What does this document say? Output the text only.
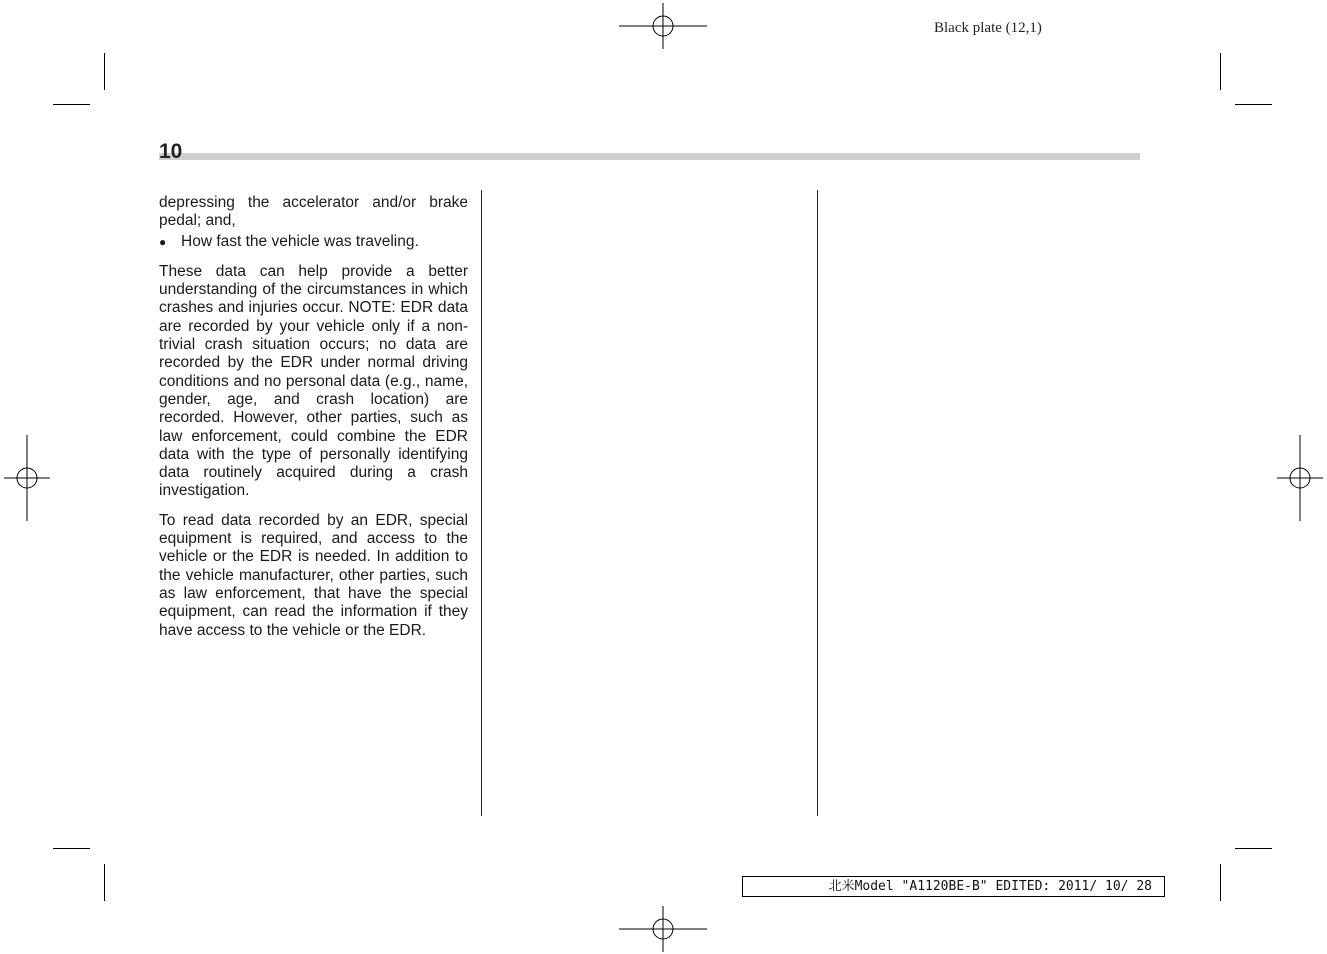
Black plate (12,1)
10

depressing the accelerator and/or brake pedal; and,

● How fast the vehicle was traveling.

These data can help provide a better understanding of the circumstances in which crashes and injuries occur. NOTE: EDR data are recorded by your vehicle only if a non-trivial crash situation occurs; no data are recorded by the EDR under normal driving conditions and no personal data (e.g., name, gender, age, and crash location) are recorded. However, other parties, such as law enforcement, could combine the EDR data with the type of personally identifying data routinely acquired during a crash investigation.

To read data recorded by an EDR, special equipment is required, and access to the vehicle or the EDR is needed. In addition to the vehicle manufacturer, other parties, such as law enforcement, that have the special equipment, can read the information if they have access to the vehicle or the EDR.

北米Model "A1120BE-B" EDITED: 2011/ 10/ 28
